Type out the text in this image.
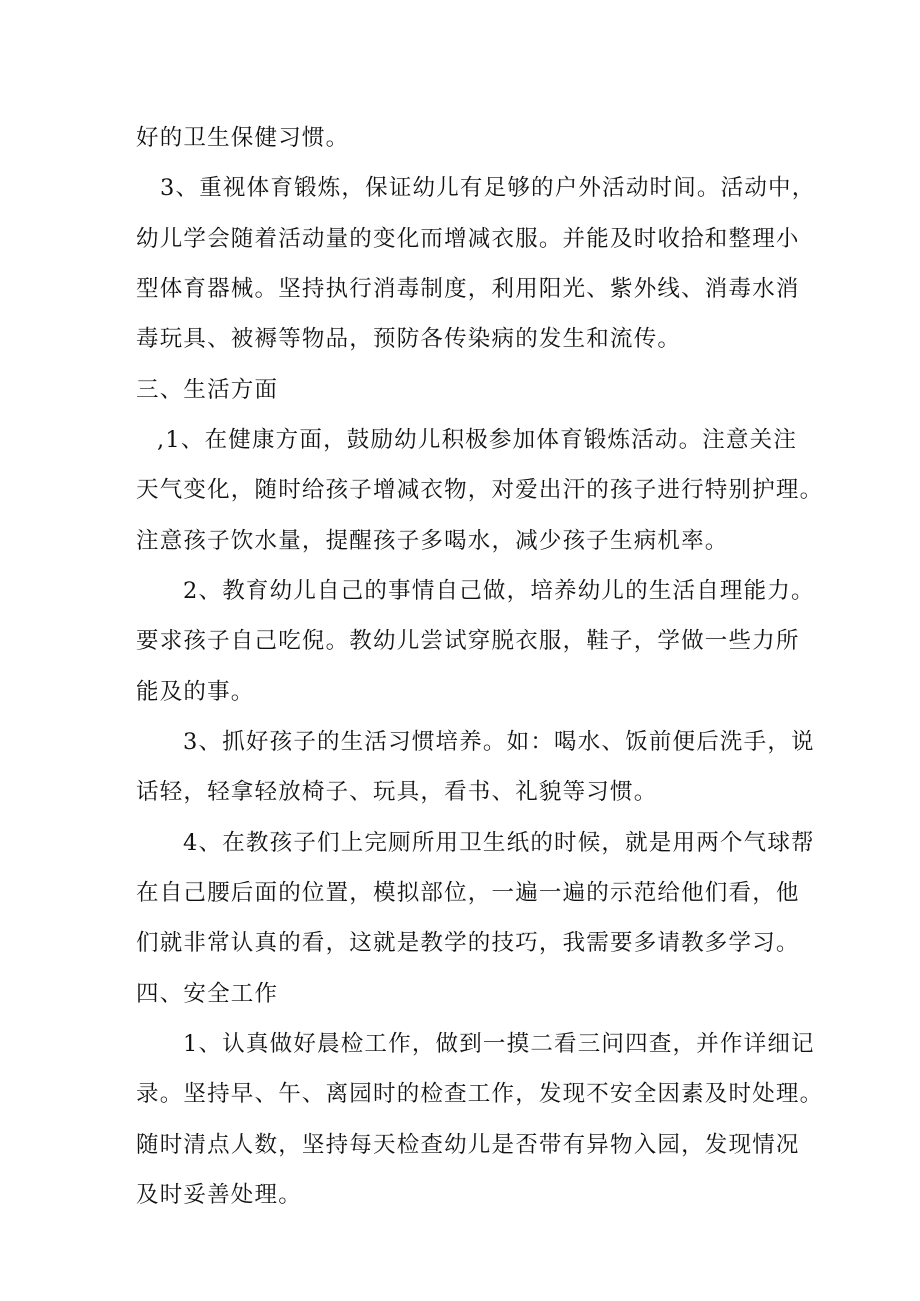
好的卫生保健习惯。
3、重视体育锻炼，保证幼儿有足够的户外活动时间。活动中，
幼儿学会随着活动量的变化而增减衣服。并能及时收拾和整理小
型体育器械。坚持执行消毒制度，利用阳光、紫外线、消毒水消
毒玩具、被褥等物品，预防各传染病的发生和流传。
三、生活方面
,1、在健康方面，鼓励幼儿积极参加体育锻炼活动。注意关注
天气变化，随时给孩子增减衣物，对爱出汗的孩子进行特别护理。
注意孩子饮水量，提醒孩子多喝水，减少孩子生病机率。
2、教育幼儿自己的事情自己做，培养幼儿的生活自理能力。
要求孩子自己吃倪。教幼儿尝试穿脱衣服，鞋子，学做一些力所
能及的事。
3、抓好孩子的生活习惯培养。如：喝水、饭前便后洗手，说
话轻，轻拿轻放椅子、玩具，看书、礼貌等习惯。
4、在教孩子们上完厕所用卫生纸的时候，就是用两个气球帮
在自己腰后面的位置，模拟部位，一遍一遍的示范给他们看，他
们就非常认真的看，这就是教学的技巧，我需要多请教多学习。
四、安全工作
1、认真做好晨检工作，做到一摸二看三问四查，并作详细记
录。坚持早、午、离园时的检查工作，发现不安全因素及时处理。
随时清点人数，坚持每天检查幼儿是否带有异物入园，发现情况
及时妥善处理。
